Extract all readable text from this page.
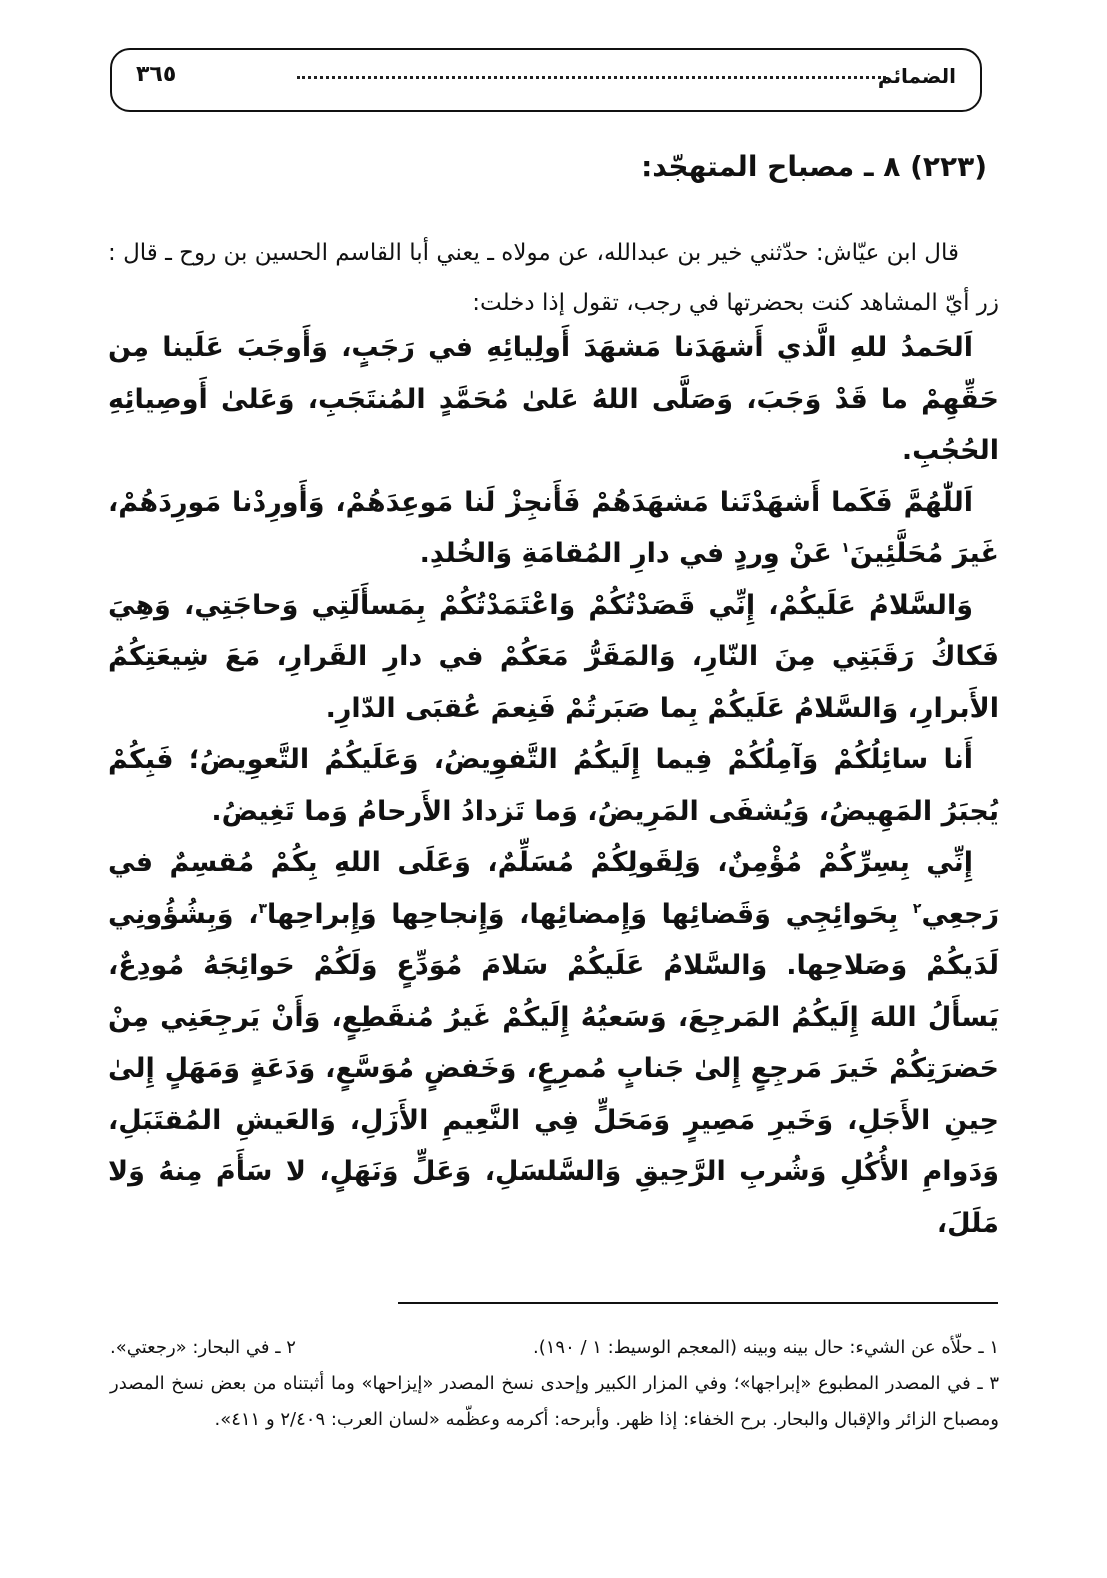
الضمائم
٣٦٥
(٢٢٣) ٨ ـ مصباح المتهجّد:

قال ابن عيّاش: حدّثني خير بن عبدالله، عن مولاه ـ يعني أبا القاسم الحسين بن روح ـ قال : زر أيّ المشاهد كنت بحضرتها في رجب، تقول إذا دخلت:

اَلحَمدُ للهِ الَّذي أَشهَدَنا مَشهَدَ أَولِيائِهِ في رَجَبٍ، وَأَوجَبَ عَلَينا مِن حَقِّهِمْ ما قَدْ وَجَبَ، وَصَلَّى اللهُ عَلىٰ مُحَمَّدٍ المُنتَجَبِ، وَعَلىٰ أَوصِيائِهِ الحُجُبِ.

اَللّٰهُمَّ فَكَما أَشهَدْتَنا مَشهَدَهُمْ فَأَنجِزْ لَنا مَوعِدَهُمْ، وَأَورِدْنا مَورِدَهُمْ، غَيرَ مُحَلَّئِينَ$^١$ عَنْ وِردٍ في دارِ المُقامَةِ وَالخُلدِ.

وَالسَّلامُ عَلَيكُمْ، إِنِّي قَصَدْتُكُمْ وَاعْتَمَدْتُكُمْ بِمَسأَلَتِي وَحاجَتِي، وَهِيَ فَكاكُ رَقَبَتِي مِنَ النّارِ، وَالمَقَرُّ مَعَكُمْ في دارِ القَرارِ، مَعَ شِيعَتِكُمُ الأَبرارِ، وَالسَّلامُ عَلَيكُمْ بِما صَبَرتُمْ فَنِعمَ عُقبَى الدّارِ.

أَنا سائِلُكُمْ وَآمِلُكُمْ فِيما إِلَيكُمُ التَّفوِيضُ، وَعَلَيكُمُ التَّعوِيضُ؛ فَبِكُمْ يُجبَرُ المَهِيضُ، وَيُشفَى المَرِيضُ، وَما تَزدادُ الأَرحامُ وَما تَغِيضُ.

إِنِّي بِسِرِّكُمْ مُؤْمِنٌ، وَلِقَولِكُمْ مُسَلِّمٌ، وَعَلَى اللهِ بِكُمْ مُقسِمٌ في رَجعِي$^٢$ بِحَوائِجِي وَقَضائِها وَإِمضائِها، وَإِنجاحِها وَإِبراحِها$^٣$، وَبِشُؤُونِي لَدَيكُمْ وَصَلاحِها. وَالسَّلامُ عَلَيكُمْ سَلامَ مُوَدِّعٍ وَلَكُمْ حَوائِجَهُ مُودِعٌ، يَسأَلُ اللهَ إِلَيكُمُ المَرجِعَ، وَسَعيُهُ إِلَيكُمْ غَيرُ مُنقَطِعٍ، وَأَنْ يَرجِعَنِي مِنْ حَضرَتِكُمْ خَيرَ مَرجِعٍ إِلىٰ جَنابٍ مُمرِعٍ، وَخَفضٍ مُوَسَّعٍ، وَدَعَةٍ وَمَهَلٍ إِلىٰ حِينِ الأَجَلِ، وَخَيرِ مَصِيرٍ وَمَحَلٍّ فِي النَّعِيمِ الأَزَلِ، وَالعَيشِ المُقتَبَلِ، وَدَوامِ الأُكُلِ وَشُربِ الرَّحِيقِ وَالسَّلسَلِ، وَعَلٍّ وَنَهَلٍ، لا سَأَمَ مِنهُ وَلا مَلَلَ،

١ ـ حلّأه عن الشيء: حال بينه وبينه (المعجم الوسيط: ١ / ١٩٠).
٢ ـ في البحار: «رجعتي».

٣ ـ في المصدر المطبوع «إبراجها»؛ وفي المزار الكبير وإحدى نسخ المصدر «إيزاحها» وما أثبتناه من بعض نسخ المصدر ومصباح الزائر والإقبال والبحار. برح الخفاء: إذا ظهر. وأبرحه: أكرمه وعظّمه «لسان العرب: ٢/٤٠٩ و ٤١١».
